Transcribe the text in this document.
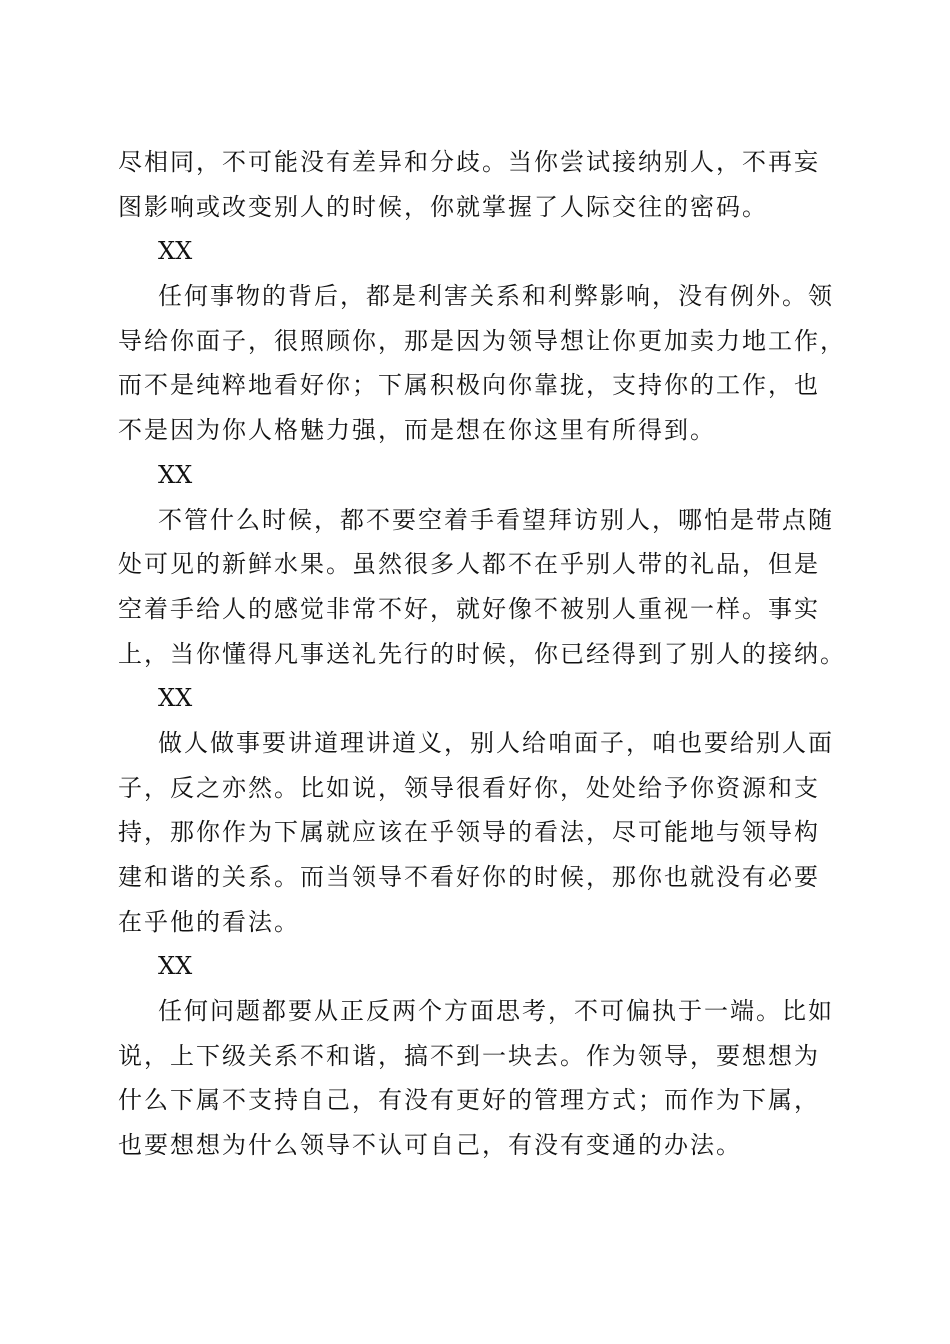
尽相同，不可能没有差异和分歧。当你尝试接纳别人，不再妄
图影响或改变别人的时候，你就掌握了人际交往的密码。
XX
任何事物的背后，都是利害关系和利弊影响，没有例外。领
导给你面子，很照顾你，那是因为领导想让你更加卖力地工作，
而不是纯粹地看好你；下属积极向你靠拢，支持你的工作，也
不是因为你人格魅力强，而是想在你这里有所得到。
XX
不管什么时候，都不要空着手看望拜访别人，哪怕是带点随
处可见的新鲜水果。虽然很多人都不在乎别人带的礼品，但是
空着手给人的感觉非常不好，就好像不被别人重视一样。事实
上，当你懂得凡事送礼先行的时候，你已经得到了别人的接纳。
XX
做人做事要讲道理讲道义，别人给咱面子，咱也要给别人面
子，反之亦然。比如说，领导很看好你，处处给予你资源和支
持，那你作为下属就应该在乎领导的看法，尽可能地与领导构
建和谐的关系。而当领导不看好你的时候，那你也就没有必要
在乎他的看法。
XX
任何问题都要从正反两个方面思考，不可偏执于一端。比如
说，上下级关系不和谐，搞不到一块去。作为领导，要想想为
什么下属不支持自己，有没有更好的管理方式；而作为下属，
也要想想为什么领导不认可自己，有没有变通的办法。
